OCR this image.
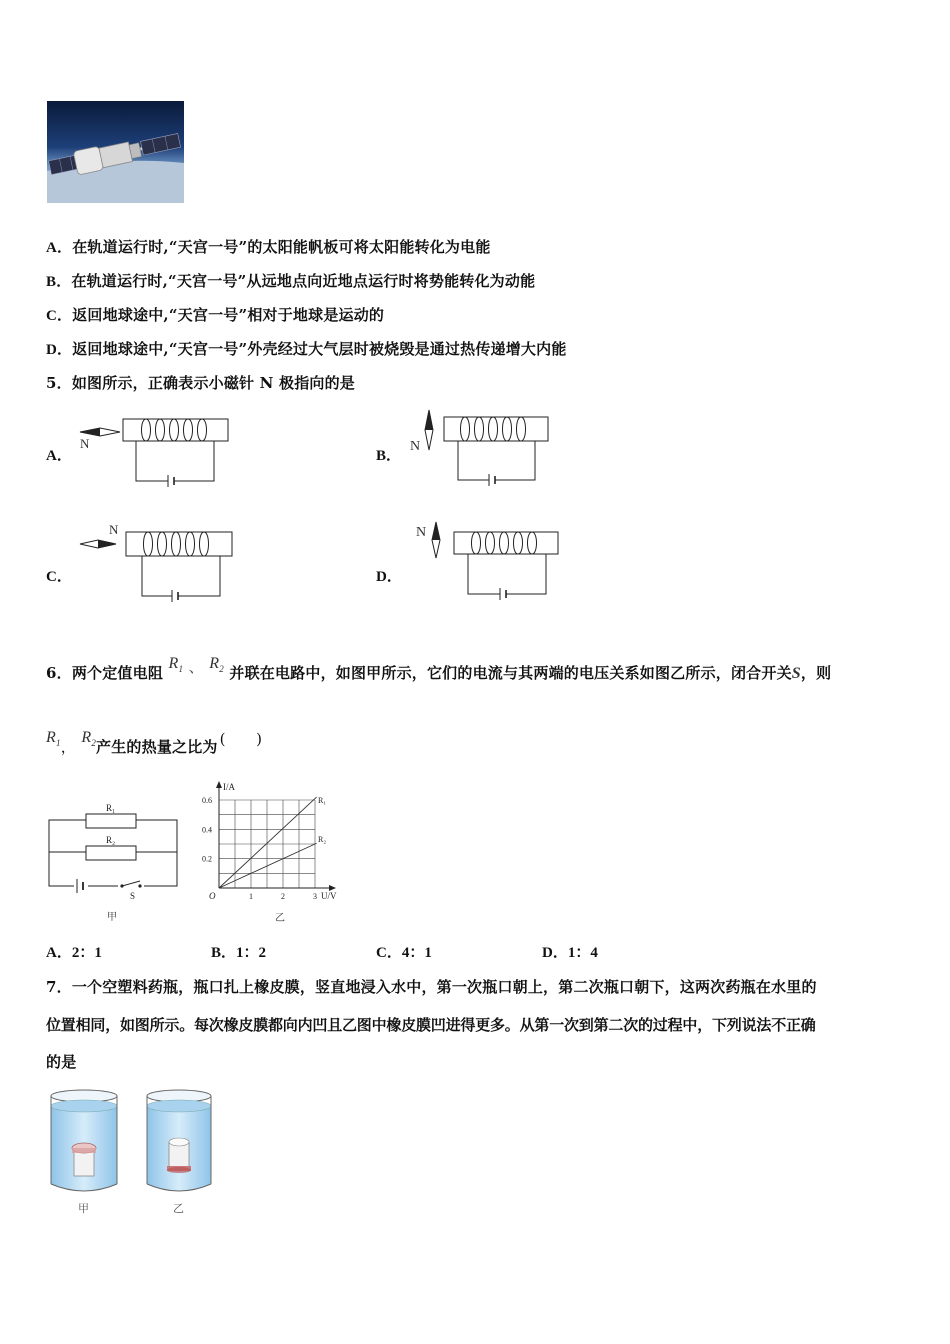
A．在轨道运行时,“天宫一号”的太阳能帆板可将太阳能转化为电能
B．在轨道运行时,“天宫一号”从远地点向近地点运行时将势能转化为动能
C．返回地球途中,“天宫一号”相对于地球是运动的
D．返回地球途中,“天宫一号”外壳经过大气层时被烧毁是通过热传递增大内能
5．如图所示，正确表示小磁针 N 极指向的是
A．	B．
C．	D．
N	N
N	N
6．两个定值电阻 $R_1$ 、 $R_2$ 并联在电路中，如图甲所示，它们的电流与其两端的电压关系如图乙所示，闭合开关S，则
$R_1$， $R_2$产生的热量之比为 (　　)
R₁
R₂
S
甲
0.2
0.4
0.6
1	2	3
O
I/A
U/V
R₁
R₂
乙
A．2：1	B．1：2	C．4：1	D．1：4
7．一个空塑料药瓶，瓶口扎上橡皮膜，竖直地浸入水中，第一次瓶口朝上，第二次瓶口朝下，这两次药瓶在水里的
位置相同，如图所示。每次橡皮膜都向内凹且乙图中橡皮膜凹进得更多。从第一次到第二次的过程中，下列说法不正确
的是
甲	乙
